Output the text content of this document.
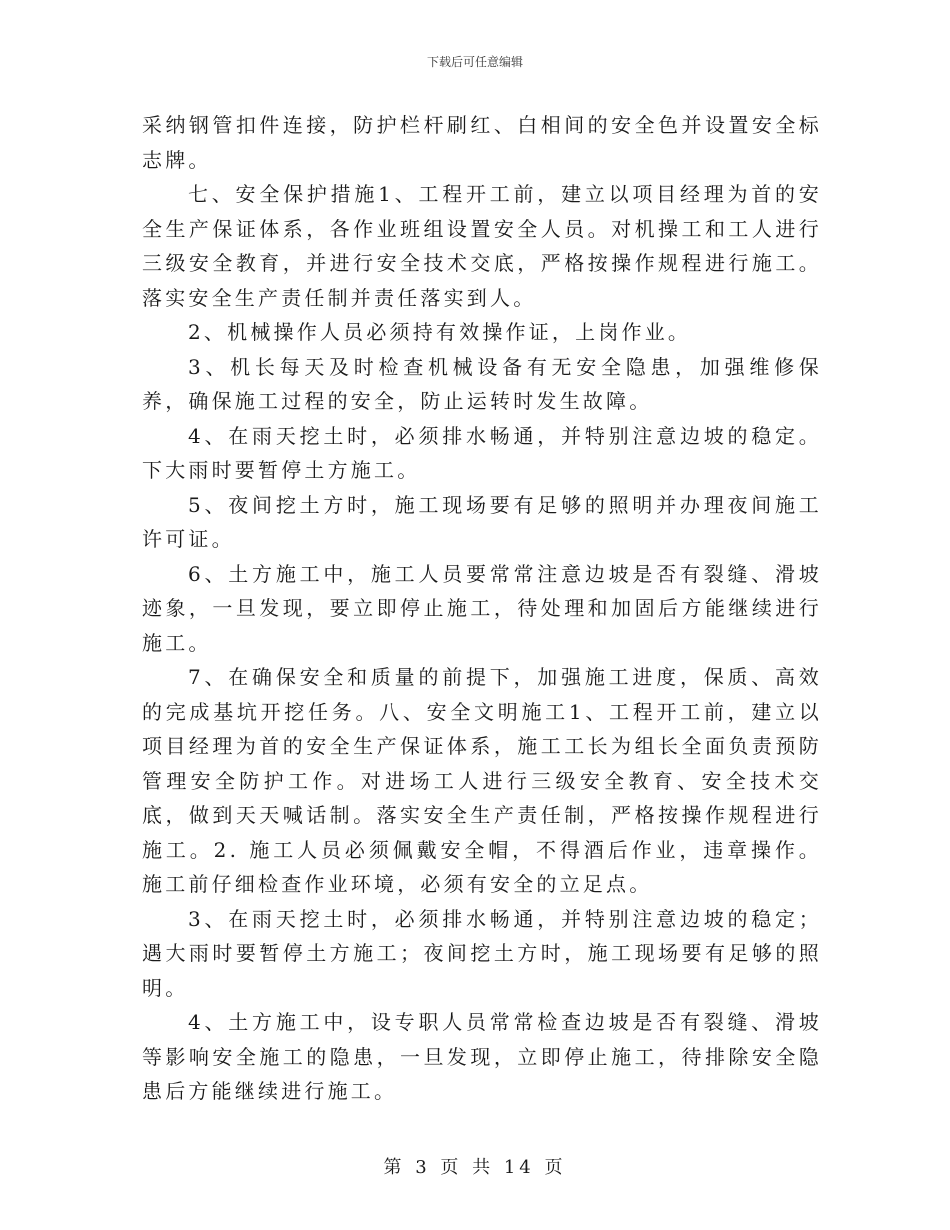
下载后可任意编辑

采纳钢管扣件连接，防护栏杆刷红、白相间的安全色并设置安全标志牌。

七、安全保护措施1、工程开工前，建立以项目经理为首的安全生产保证体系，各作业班组设置安全人员。对机操工和工人进行三级安全教育，并进行安全技术交底，严格按操作规程进行施工。落实安全生产责任制并责任落实到人。

2、机械操作人员必须持有效操作证，上岗作业。

3、机长每天及时检查机械设备有无安全隐患，加强维修保养，确保施工过程的安全，防止运转时发生故障。

4、在雨天挖土时，必须排水畅通，并特别注意边坡的稳定。下大雨时要暂停土方施工。

5、夜间挖土方时，施工现场要有足够的照明并办理夜间施工许可证。

6、土方施工中，施工人员要常常注意边坡是否有裂缝、滑坡迹象，一旦发现，要立即停止施工，待处理和加固后方能继续进行施工。

7、在确保安全和质量的前提下，加强施工进度，保质、高效的完成基坑开挖任务。八、安全文明施工1、工程开工前，建立以项目经理为首的安全生产保证体系，施工工长为组长全面负责预防管理安全防护工作。对进场工人进行三级安全教育、安全技术交底，做到天天喊话制。落实安全生产责任制，严格按操作规程进行施工。2. 施工人员必须佩戴安全帽，不得酒后作业，违章操作。施工前仔细检查作业环境，必须有安全的立足点。

3、在雨天挖土时，必须排水畅通，并特别注意边坡的稳定；遇大雨时要暂停土方施工；夜间挖土方时，施工现场要有足够的照明。

4、土方施工中，设专职人员常常检查边坡是否有裂缝、滑坡等影响安全施工的隐患，一旦发现，立即停止施工，待排除安全隐患后方能继续进行施工。

第 3 页 共 14 页
